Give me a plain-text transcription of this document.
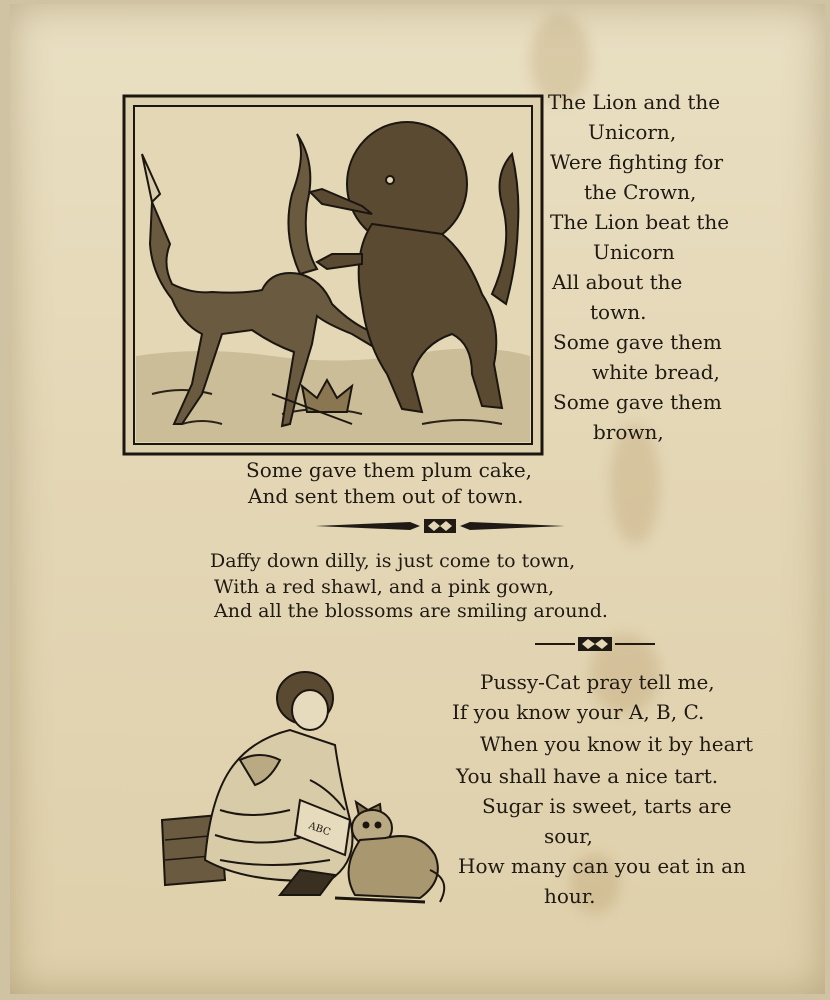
The Lion and the
Unicorn,
Were fighting for
the Crown,
The Lion beat the
Unicorn
All about the
town.
Some gave them
white bread,
Some gave them
brown,
Some gave them plum cake,
And sent them out of town.
Daffy down dilly, is just come to town,
With a red shawl, and a pink gown,
And all the blossoms are smiling around.
ABC
Pussy-Cat pray tell me,
If you know your A, B, C.
When you know it by heart
You shall have a nice tart.
Sugar is sweet, tarts are
sour,
How many can you eat in an
hour.
